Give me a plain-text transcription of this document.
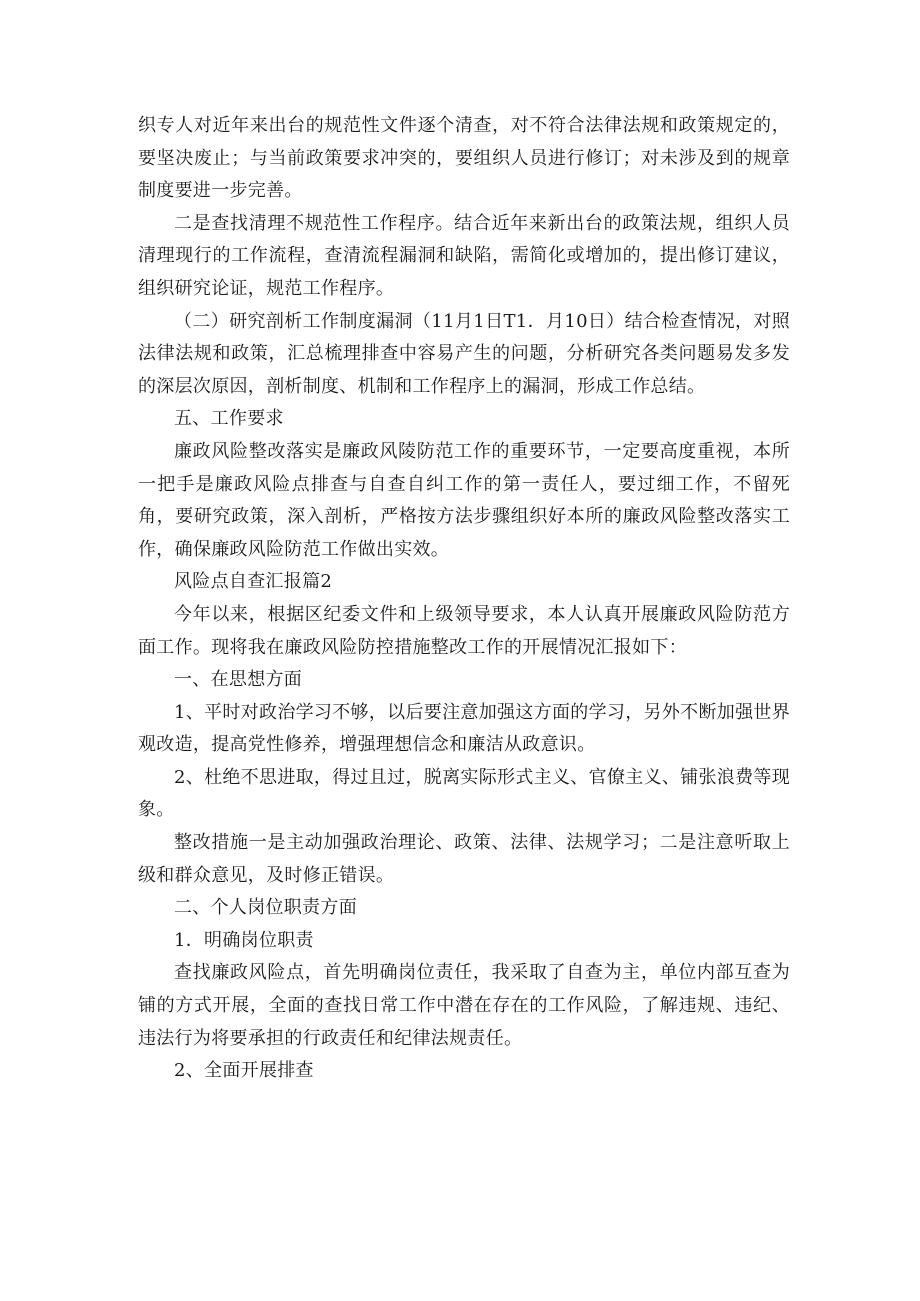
织专人对近年来出台的规范性文件逐个清查，对不符合法律法规和政策规定的，要坚决废止；与当前政策要求冲突的，要组织人员进行修订；对未涉及到的规章制度要进一步完善。

二是查找清理不规范性工作程序。结合近年来新出台的政策法规，组织人员清理现行的工作流程，查清流程漏洞和缺陷，需简化或增加的，提出修订建议，组织研究论证，规范工作程序。

（二）研究剖析工作制度漏洞（11月1日T1．月10日）结合检查情况，对照法律法规和政策，汇总梳理排查中容易产生的问题，分析研究各类问题易发多发的深层次原因，剖析制度、机制和工作程序上的漏洞，形成工作总结。

五、工作要求

廉政风险整改落实是廉政风陵防范工作的重要环节，一定要高度重视，本所一把手是廉政风险点排查与自查自纠工作的第一责任人，要过细工作，不留死角，要研究政策，深入剖析，严格按方法步骤组织好本所的廉政风险整改落实工作，确保廉政风险防范工作做出实效。

风险点自查汇报篇2

今年以来，根据区纪委文件和上级领导要求，本人认真开展廉政风险防范方面工作。现将我在廉政风险防控措施整改工作的开展情况汇报如下：

一、在思想方面

1、平时对政治学习不够，以后要注意加强这方面的学习，另外不断加强世界观改造，提高党性修养，增强理想信念和廉洁从政意识。

2、杜绝不思进取，得过且过，脱离实际形式主义、官僚主义、铺张浪费等现象。

整改措施一是主动加强政治理论、政策、法律、法规学习；二是注意听取上级和群众意见，及时修正错误。

二、个人岗位职责方面

1．明确岗位职责

查找廉政风险点，首先明确岗位责任，我采取了自查为主，单位内部互查为铺的方式开展，全面的查找日常工作中潜在存在的工作风险，了解违规、违纪、违法行为将要承担的行政责任和纪律法规责任。

2、全面开展排查
